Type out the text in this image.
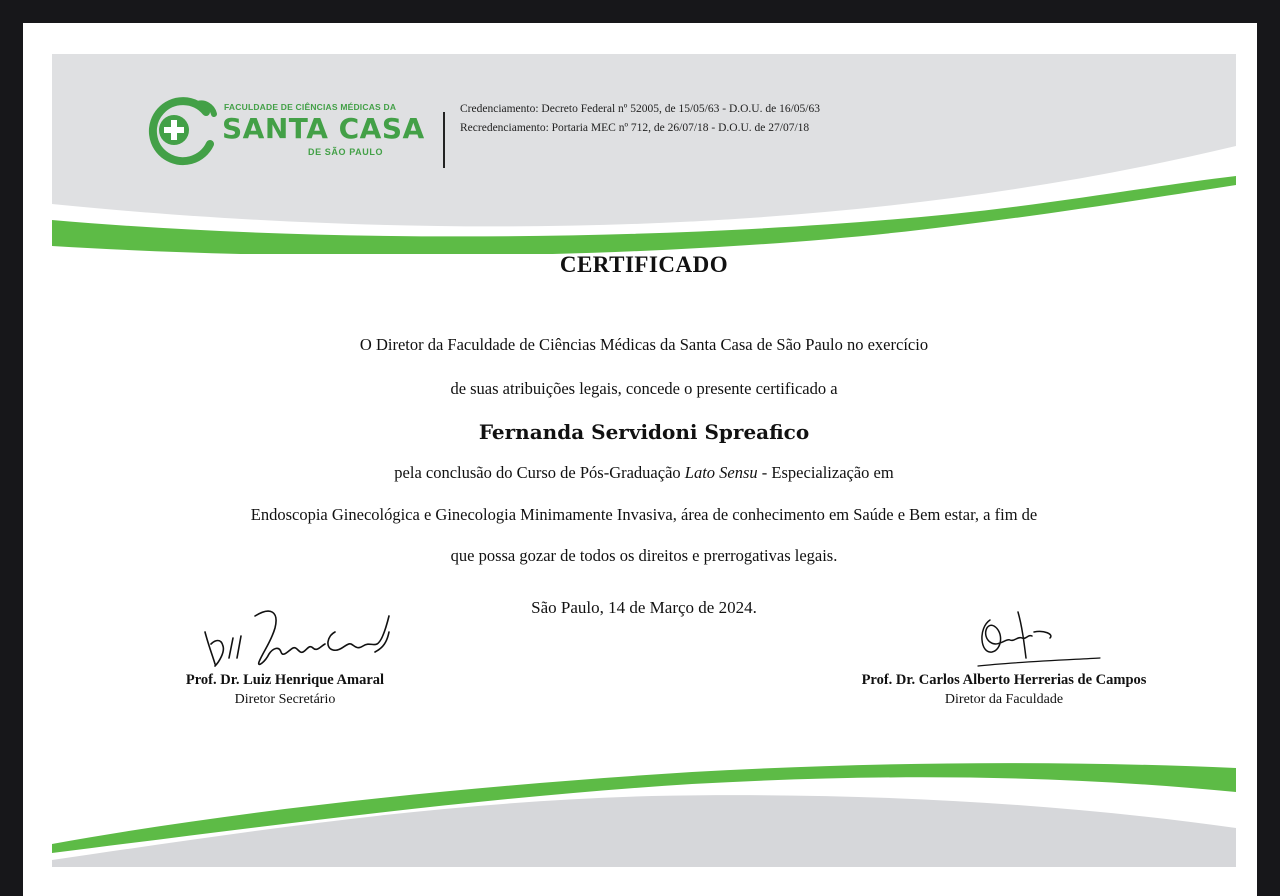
FACULDADE DE CIÊNCIAS MÉDICAS DA
SANTA CASA
DE SÃO PAULO
Credenciamento: Decreto Federal nº 52005, de 15/05/63 - D.O.U. de 16/05/63
Recredenciamento: Portaria MEC nº 712, de 26/07/18 - D.O.U. de 27/07/18
CERTIFICADO
O Diretor da Faculdade de Ciências Médicas da Santa Casa de São Paulo no exercício
de suas atribuições legais, concede o presente certificado a
Fernanda Servidoni Spreafico
pela conclusão do Curso de Pós-Graduação Lato Sensu - Especialização em
Endoscopia Ginecológica e Ginecologia Minimamente Invasiva, área de conhecimento em Saúde e Bem estar, a fim de
que possa gozar de todos os direitos e prerrogativas legais.
São Paulo, 14 de Março de 2024.
Prof. Dr. Luiz Henrique Amaral
Diretor Secretário
Prof. Dr. Carlos Alberto Herrerias de Campos
Diretor da Faculdade
